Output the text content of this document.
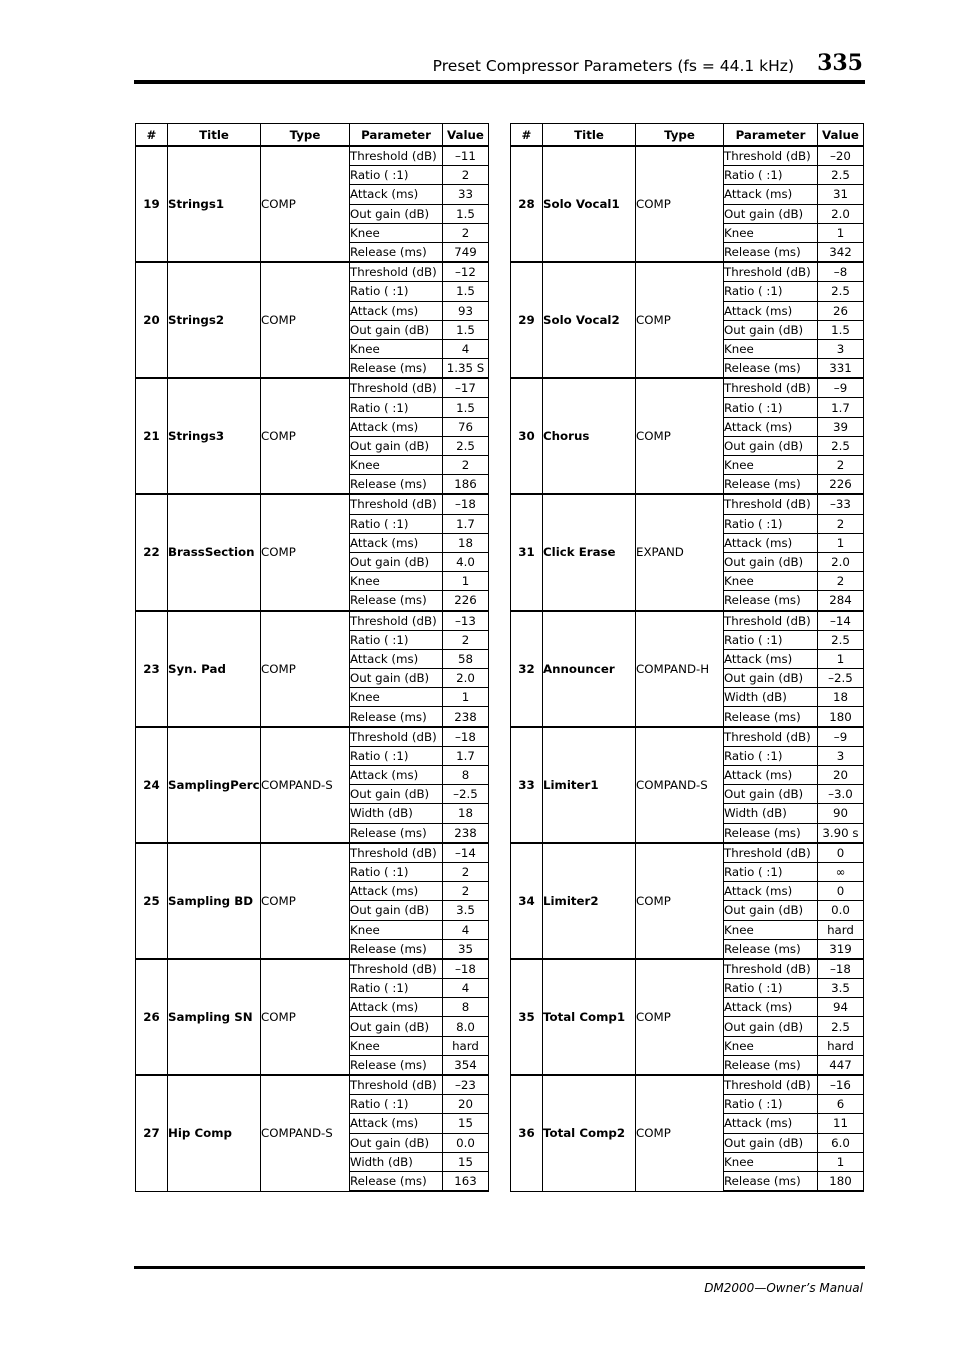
Preset Compressor Parameters (fs = 44.1 kHz) 335
#	Title	Type	Parameter	Value
19	Strings1	COMP	Threshold (dB)	–11
			Ratio ( :1)	2
			Attack (ms)	33
			Out gain (dB)	1.5
			Knee	2
			Release (ms)	749
20	Strings2	COMP	Threshold (dB)	–12
			Ratio ( :1)	1.5
			Attack (ms)	93
			Out gain (dB)	1.5
			Knee	4
			Release (ms)	1.35 S
21	Strings3	COMP	Threshold (dB)	–17
			Ratio ( :1)	1.5
			Attack (ms)	76
			Out gain (dB)	2.5
			Knee	2
			Release (ms)	186
22	BrassSection	COMP	Threshold (dB)	–18
			Ratio ( :1)	1.7
			Attack (ms)	18
			Out gain (dB)	4.0
			Knee	1
			Release (ms)	226
23	Syn. Pad	COMP	Threshold (dB)	–13
			Ratio ( :1)	2
			Attack (ms)	58
			Out gain (dB)	2.0
			Knee	1
			Release (ms)	238
24	SamplingPerc	COMPAND-S	Threshold (dB)	–18
			Ratio ( :1)	1.7
			Attack (ms)	8
			Out gain (dB)	–2.5
			Width (dB)	18
			Release (ms)	238
25	Sampling BD	COMP	Threshold (dB)	–14
			Ratio ( :1)	2
			Attack (ms)	2
			Out gain (dB)	3.5
			Knee	4
			Release (ms)	35
26	Sampling SN	COMP	Threshold (dB)	–18
			Ratio ( :1)	4
			Attack (ms)	8
			Out gain (dB)	8.0
			Knee	hard
			Release (ms)	354
27	Hip Comp	COMPAND-S	Threshold (dB)	–23
			Ratio ( :1)	20
			Attack (ms)	15
			Out gain (dB)	0.0
			Width (dB)	15
			Release (ms)	163
#	Title	Type	Parameter	Value
28	Solo Vocal1	COMP	Threshold (dB)	–20
			Ratio ( :1)	2.5
			Attack (ms)	31
			Out gain (dB)	2.0
			Knee	1
			Release (ms)	342
29	Solo Vocal2	COMP	Threshold (dB)	–8
			Ratio ( :1)	2.5
			Attack (ms)	26
			Out gain (dB)	1.5
			Knee	3
			Release (ms)	331
30	Chorus	COMP	Threshold (dB)	–9
			Ratio ( :1)	1.7
			Attack (ms)	39
			Out gain (dB)	2.5
			Knee	2
			Release (ms)	226
31	Click Erase	EXPAND	Threshold (dB)	–33
			Ratio ( :1)	2
			Attack (ms)	1
			Out gain (dB)	2.0
			Knee	2
			Release (ms)	284
32	Announcer	COMPAND-H	Threshold (dB)	–14
			Ratio ( :1)	2.5
			Attack (ms)	1
			Out gain (dB)	–2.5
			Width (dB)	18
			Release (ms)	180
33	Limiter1	COMPAND-S	Threshold (dB)	–9
			Ratio ( :1)	3
			Attack (ms)	20
			Out gain (dB)	–3.0
			Width (dB)	90
			Release (ms)	3.90 s
34	Limiter2	COMP	Threshold (dB)	0
			Ratio ( :1)	∞
			Attack (ms)	0
			Out gain (dB)	0.0
			Knee	hard
			Release (ms)	319
35	Total Comp1	COMP	Threshold (dB)	–18
			Ratio ( :1)	3.5
			Attack (ms)	94
			Out gain (dB)	2.5
			Knee	hard
			Release (ms)	447
36	Total Comp2	COMP	Threshold (dB)	–16
			Ratio ( :1)	6
			Attack (ms)	11
			Out gain (dB)	6.0
			Knee	1
			Release (ms)	180
DM2000—Owner’s Manual
